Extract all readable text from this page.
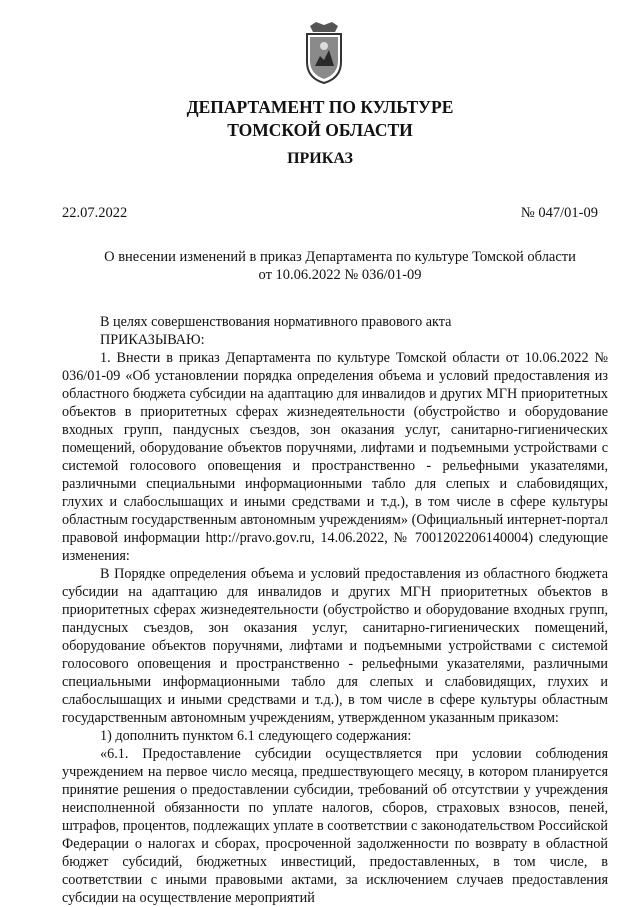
ДЕПАРТАМЕНТ ПО КУЛЬТУРЕ
ТОМСКОЙ ОБЛАСТИ
ПРИКАЗ
22.07.2022	№ 047/01-09
О внесении изменений в приказ Департамента по культуре Томской области
от 10.06.2022 № 036/01-09

В целях совершенствования нормативного правового акта

ПРИКАЗЫВАЮ:

1. Внести в приказ Департамента по культуре Томской области от 10.06.2022 № 036/01-09 «Об установлении порядка определения объема и условий предоставления из областного бюджета субсидии на адаптацию для инвалидов и других МГН приоритетных объектов в приоритетных сферах жизнедеятельности (обустройство и оборудование входных групп, пандусных съездов, зон оказания услуг, санитарно-гигиенических помещений, оборудование объектов поручнями, лифтами и подъемными устройствами с системой голосового оповещения и пространственно - рельефными указателями, различными специальными информационными табло для слепых и слабовидящих, глухих и слабослышащих и иными средствами и т.д.), в том числе в сфере культуры областным государственным автономным учреждениям» (Официальный интернет-портал правовой информации http://pravo.gov.ru, 14.06.2022, № 7001202206140004) следующие изменения:

В Порядке определения объема и условий предоставления из областного бюджета субсидии на адаптацию для инвалидов и других МГН приоритетных объектов в приоритетных сферах жизнедеятельности (обустройство и оборудование входных групп, пандусных съездов, зон оказания услуг, санитарно-гигиенических помещений, оборудование объектов поручнями, лифтами и подъемными устройствами с системой голосового оповещения и пространственно - рельефными указателями, различными специальными информационными табло для слепых и слабовидящих, глухих и слабослышащих и иными средствами и т.д.), в том числе в сфере культуры областным государственным автономным учреждениям, утвержденном указанным приказом:

1) дополнить пунктом 6.1 следующего содержания:

«6.1. Предоставление субсидии осуществляется при условии соблюдения учреждением на первое число месяца, предшествующего месяцу, в котором планируется принятие решения о предоставлении субсидии, требований об отсутствии у учреждения неисполненной обязанности по уплате налогов, сборов, страховых взносов, пеней, штрафов, процентов, подлежащих уплате в соответствии с законодательством Российской Федерации о налогах и сборах, просроченной задолженности по возврату в областной бюджет субсидий, бюджетных инвестиций, предоставленных, в том числе, в соответствии с иными правовыми актами, за исключением случаев предоставления субсидии на осуществление мероприятий
